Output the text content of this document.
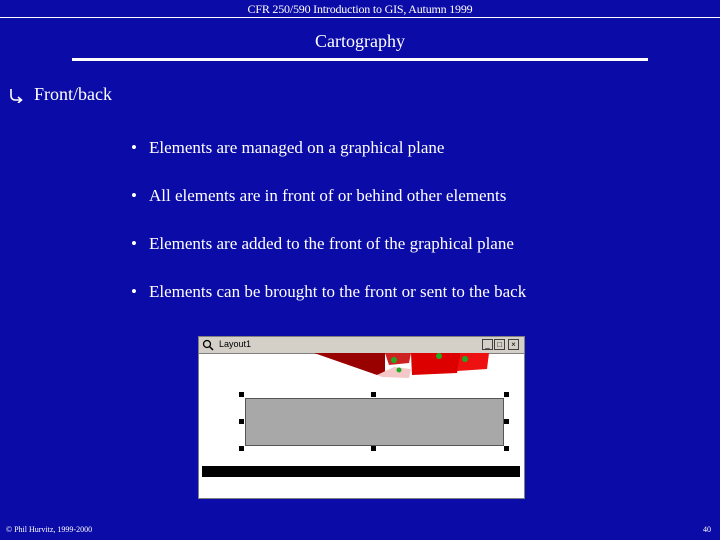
CFR 250/590 Introduction to GIS, Autumn 1999
Cartography
Front/back
• Elements are managed on a graphical plane
• All elements are in front of or behind other elements
• Elements are added to the front of the graphical plane
• Elements can be brought to the front or sent to the back
Layout1	_ □	×
© Phil Hurvitz, 1999-2000	40
